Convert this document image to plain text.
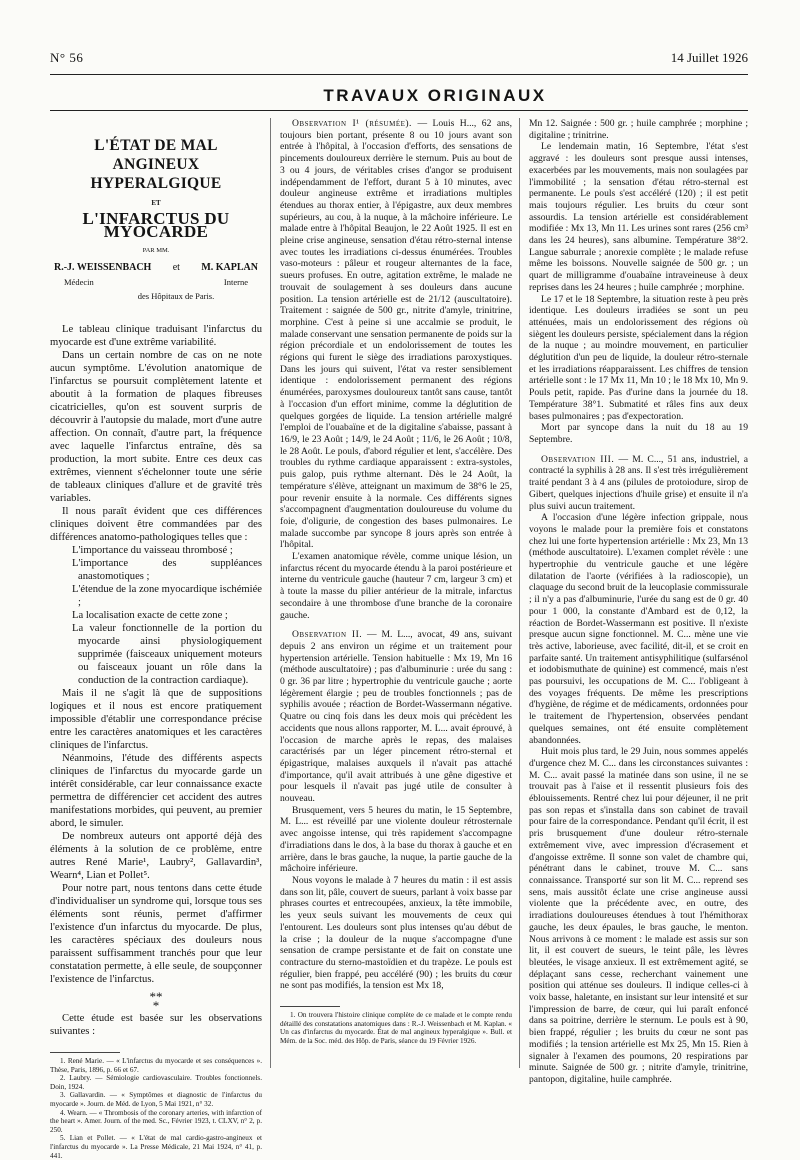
N° 56	14 Juillet 1926
TRAVAUX ORIGINAUX
L'ÉTAT DE MAL ANGINEUX HYPERALGIQUE
ET
L'INFARCTUS DU MYOCARDE
PAR MM.
R.-J. WEISSENBACH et M. KAPLAN
Médecin	Interne
des Hôpitaux de Paris.

Le tableau clinique traduisant l'infarctus du myocarde est d'une extrême variabilité.

Dans un certain nombre de cas on ne note aucun symptôme. L'évolution anatomique de l'infarctus se poursuit complètement latente et aboutit à la formation de plaques fibreuses cicatricielles, qu'on est souvent surpris de découvrir à l'autopsie du malade, mort d'une autre affection. On connaît, d'autre part, la fréquence avec laquelle l'infarctus entraîne, dès sa production, la mort subite. Entre ces deux cas extrêmes, viennent s'échelonner toute une série de tableaux cliniques d'allure et de gravité très variables.

Il nous paraît évident que ces différences cliniques doivent être commandées par des différences anatomo-pathologiques telles que :

L'importance du vaisseau thrombosé ;
L'importance des suppléances anastomotiques ;
L'étendue de la zone myocardique ischémiée ;
La localisation exacte de cette zone ;
La valeur fonctionnelle de la portion du myocarde ainsi physiologiquement supprimée (faisceaux uniquement moteurs ou faisceaux jouant un rôle dans la conduction de la contraction cardiaque).

Mais il ne s'agit là que de suppositions logiques et il nous est encore pratiquement impossible d'établir une correspondance précise entre les caractères anatomiques et les caractères cliniques de l'infarctus.

Néanmoins, l'étude des différents aspects cliniques de l'infarctus du myocarde garde un intérêt considérable, car leur connaissance exacte permettra de différencier cet accident des autres manifestations morbides, qui peuvent, au premier abord, le simuler.

De nombreux auteurs ont apporté déjà des éléments à la solution de ce problème, entre autres René Marie¹, Laubry², Gallavardin³, Wearn⁴, Lian et Pollet⁵.

Pour notre part, nous tentons dans cette étude d'individualiser un syndrome qui, lorsque tous ses éléments sont réunis, permet d'affirmer l'existence d'un infarctus du myocarde. De plus, les caractères spéciaux des douleurs nous paraissent suffisamment tranchés pour que leur constatation permette, à elle seule, de soupçonner l'existence de l'infarctus.

**
*

Cette étude est basée sur les observations suivantes :

1. René Marie. — « L'infarctus du myocarde et ses conséquences ». Thèse, Paris, 1896, p. 66 et 67.
2. Laubry. — Sémiologie cardiovasculaire. Troubles fonctionnels. Doin, 1924.
3. Gallavardin. — « Symptômes et diagnostic de l'infarctus du myocarde ». Journ. de Méd. de Lyon, 5 Mai 1921, n° 32.
4. Wearn. — « Thrombosis of the coronary arteries, with infarction of the heart ». Amer. Journ. of the med. Sc., Février 1923, t. CLXV, n° 2, p. 250.
5. Lian et Pollet. — « L'état de mal cardio-gastro-angineux et l'infarctus du myocarde ». La Presse Médicale, 21 Mai 1924, n° 41, p. 441.

Observation I¹ (résumée). — Louis H..., 62 ans, toujours bien portant, présente 8 ou 10 jours avant son entrée à l'hôpital, à l'occasion d'efforts, des sensations de pincements douloureux derrière le sternum. Puis au bout de 3 ou 4 jours, de véritables crises d'angor se produisent indépendamment de l'effort, durant 5 à 10 minutes, avec douleur angineuse extrême et irradiations multiples étendues au thorax entier, à l'épigastre, aux deux membres supérieurs, au cou, à la nuque, à la mâchoire inférieure. Le malade entre à l'hôpital Beaujon, le 22 Août 1925. Il est en pleine crise angineuse, sensation d'étau rétro-sternal intense avec toutes les irradiations ci-dessus énumérées. Troubles vaso-moteurs : pâleur et rougeur alternantes de la face, sueurs profuses. En outre, agitation extrême, le malade ne trouvait de soulagement à ses douleurs dans aucune position. La tension artérielle est de 21/12 (auscultatoire). Traitement : saignée de 500 gr., nitrite d'amyle, trinitrine, morphine. C'est à peine si une accalmie se produit, le malade conservant une sensation permanente de poids sur la région précordiale et un endolorissement de toutes les régions qui furent le siège des irradiations paroxystiques. Dans les jours qui suivent, l'état va rester sensiblement identique : endolorissement permanent des régions énumérées, paroxysmes douloureux tantôt sans cause, tantôt à l'occasion d'un effort minime, comme la déglutition de quelques gorgées de liquide. La tension artérielle malgré l'emploi de l'ouabaïne et de la digitaline s'abaisse, passant à 16/9, le 23 Août ; 14/9, le 24 Août ; 11/6, le 26 Août ; 10/8, le 28 Août. Le pouls, d'abord régulier et lent, s'accélère. Des troubles du rythme cardiaque apparaissent : extra-systoles, puis galop, puis rythme alternant. Dès le 24 Août, la température s'élève, atteignant un maximum de 38°6 le 25, pour revenir ensuite à la normale. Ces différents signes s'accompagnent d'augmentation douloureuse du volume du foie, d'oligurie, de congestion des bases pulmonaires. Le malade succombe par syncope 8 jours après son entrée à l'hôpital.

L'examen anatomique révèle, comme unique lésion, un infarctus récent du myocarde étendu à la paroi postérieure et interne du ventricule gauche (hauteur 7 cm, largeur 3 cm) et à toute la masse du pilier antérieur de la mitrale, infarctus secondaire à une thrombose d'une branche de la coronaire gauche.

Observation II. — M. L..., avocat, 49 ans, suivant depuis 2 ans environ un régime et un traitement pour hypertension artérielle. Tension habituelle : Mx 19, Mn 16 (méthode auscultatoire) ; pas d'albuminurie : urée du sang : 0 gr. 36 par litre ; hypertrophie du ventricule gauche ; aorte légèrement élargie ; peu de troubles fonctionnels ; pas de syphilis avouée ; réaction de Bordet-Wassermann négative. Quatre ou cinq fois dans les deux mois qui précèdent les accidents que nous allons rapporter, M. L... avait éprouvé, à l'occasion de marche après le repas, des malaises caractérisés par un léger pincement rétro-sternal et épigastrique, malaises auxquels il n'avait pas attaché d'importance, qu'il avait attribués à une gêne digestive et pour lesquels il n'avait pas jugé utile de consulter à nouveau.

Brusquement, vers 5 heures du matin, le 15 Septembre, M. L... est réveillé par une violente douleur rétrosternale avec angoisse intense, qui très rapidement s'accompagne d'irradiations dans le dos, à la base du thorax à gauche et en arrière, dans le bras gauche, la nuque, la partie gauche de la mâchoire inférieure.

Nous voyons le malade à 7 heures du matin : il est assis dans son lit, pâle, couvert de sueurs, parlant à voix basse par phrases courtes et entrecoupées, anxieux, la tête immobile, les yeux seuls suivant les mouvements de ceux qui l'entourent. Les douleurs sont plus intenses qu'au début de la crise ; la douleur de la nuque s'accompagne d'une sensation de crampe persistante et de fait on constate une contracture du sterno-mastoïdien et du trapèze. Le pouls est régulier, bien frappé, peu accéléré (90) ; les bruits du cœur ne sont pas modifiés, la tension est Mx 18,

1. On trouvera l'histoire clinique complète de ce malade et le compte rendu détaillé des constatations anatomiques dans : R.-J. Weissenbach et M. Kaplan. « Un cas d'infarctus du myocarde. État de mal angineux hyperalgique ». Bull. et Mém. de la Soc. méd. des Hôp. de Paris, séance du 19 Février 1926.

Mn 12. Saignée : 500 gr. ; huile camphrée ; morphine ; digitaline ; trinitrine.

Le lendemain matin, 16 Septembre, l'état s'est aggravé : les douleurs sont presque aussi intenses, exacerbées par les mouvements, mais non soulagées par l'immobilité ; la sensation d'étau rétro-sternal est permanente. Le pouls s'est accéléré (120) ; il est petit mais toujours régulier. Les bruits du cœur sont assourdis. La tension artérielle est considérablement modifiée : Mx 13, Mn 11. Les urines sont rares (256 cm³ dans les 24 heures), sans albumine. Température 38°2. Langue saburrale ; anorexie complète ; le malade refuse même les boissons. Nouvelle saignée de 500 gr. ; un quart de milligramme d'ouabaïne intraveineuse à deux reprises dans les 24 heures ; huile camphrée ; morphine.

Le 17 et le 18 Septembre, la situation reste à peu près identique. Les douleurs irradiées se sont un peu atténuées, mais un endolorissement des régions où siègent les douleurs persiste, spécialement dans la région de la nuque ; au moindre mouvement, en particulier déglutition d'un peu de liquide, la douleur rétro-sternale et les irradiations réapparaissent. Les chiffres de tension artérielle sont : le 17 Mx 11, Mn 10 ; le 18 Mx 10, Mn 9. Pouls petit, rapide. Pas d'urine dans la journée du 18. Température 38°1. Submatité et râles fins aux deux bases pulmonaires ; pas d'expectoration.

Mort par syncope dans la nuit du 18 au 19 Septembre.

Observation III. — M. C..., 51 ans, industriel, a contracté la syphilis à 28 ans. Il s'est très irrégulièrement traité pendant 3 à 4 ans (pilules de protoiodure, sirop de Gibert, quelques injections d'huile grise) et ensuite il n'a plus suivi aucun traitement.

A l'occasion d'une légère infection grippale, nous voyons le malade pour la première fois et constatons chez lui une forte hypertension artérielle : Mx 23, Mn 13 (méthode auscultatoire). L'examen complet révèle : une hypertrophie du ventricule gauche et une légère dilatation de l'aorte (vérifiées à la radioscopie), un claquage du second bruit de la leucoplasie commissurale ; il n'y a pas d'albuminurie, l'urée du sang est de 0 gr. 40 pour 1 000, la constante d'Ambard est de 0,12, la réaction de Bordet-Wassermann est positive. Il n'existe presque aucun signe fonctionnel. M. C... mène une vie très active, laborieuse, avec facilité, dit-il, et se croit en parfaite santé. Un traitement antisyphilitique (sulfarsénol et iodobismuthate de quinine) est commencé, mais n'est pas poursuivi, les occupations de M. C... l'obligeant à des voyages fréquents. De même les prescriptions d'hygiène, de régime et de médicaments, ordonnées pour le traitement de l'hypertension, observées pendant quelques semaines, ont été ensuite complètement abandonnées.

Huit mois plus tard, le 29 Juin, nous sommes appelés d'urgence chez M. C... dans les circonstances suivantes : M. C... avait passé la matinée dans son usine, il ne se trouvait pas à l'aise et il ressentit plusieurs fois des éblouissements. Rentré chez lui pour déjeuner, il ne prit pas son repas et s'installa dans son cabinet de travail pour faire de la correspondance. Pendant qu'il écrit, il est pris brusquement d'une douleur rétro-sternale extrêmement vive, avec impression d'écrasement et d'angoisse extrême. Il sonne son valet de chambre qui, pénétrant dans le cabinet, trouve M. C... sans connaissance. Transporté sur son lit M. C... reprend ses sens, mais aussitôt éclate une crise angineuse aussi violente que la précédente avec, en outre, des irradiations douloureuses étendues à tout l'hémithorax gauche, les deux épaules, le bras gauche, le menton. Nous arrivons à ce moment : le malade est assis sur son lit, il est couvert de sueurs, le teint pâle, les lèvres bleutées, le visage anxieux. Il est extrêmement agité, se déplaçant sans cesse, recherchant vainement une position qui atténue ses douleurs. Il indique celles-ci à voix basse, haletante, en insistant sur leur intensité et sur l'impression de barre, de cœur, qui lui paraît enfoncé dans sa poitrine, derrière le sternum. Le pouls est à 90, bien frappé, régulier ; les bruits du cœur ne sont pas modifiés ; la tension artérielle est Mx 25, Mn 15. Rien à signaler à l'examen des poumons, 20 respirations par minute. Saignée de 500 gr. ; nitrite d'amyle, trinitrine, pantopon, digitaline, huile camphrée.
